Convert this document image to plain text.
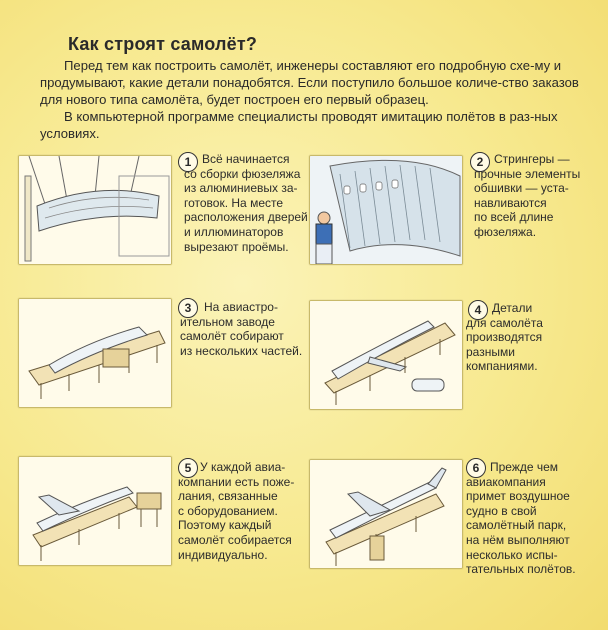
Как строят самолёт?

Перед тем как построить самолёт, инженеры составляют его подробную схе-му и продумывают, какие детали понадобятся. Если поступило большое количе-ство заказов для нового типа самолёта, будет построен его первый образец.

В компьютерной программе специалисты проводят имитацию полётов в раз-ных условиях.

1 Всё начинается
со сборки фюзеляжа
из алюминиевых за-
готовок. На месте
расположения дверей
и иллюминаторов
вырезают проёмы.
2 Стрингеры —
прочные элементы
обшивки — уста-
навливаются
по всей длине
фюзеляжа.
3	На авиастро-
ительном заводе
самолёт собирают
из нескольких частей.
4 Детали
для самолёта
производятся
разными
компаниями.
5 У каждой авиа-
компании есть поже-
лания, связанные
с оборудованием.
Поэтому каждый
самолёт собирается
индивидуально.
6 Прежде чем
авиакомпания
примет воздушное
судно в свой
самолётный парк,
на нём выполняют
несколько испы-
тательных полётов.
